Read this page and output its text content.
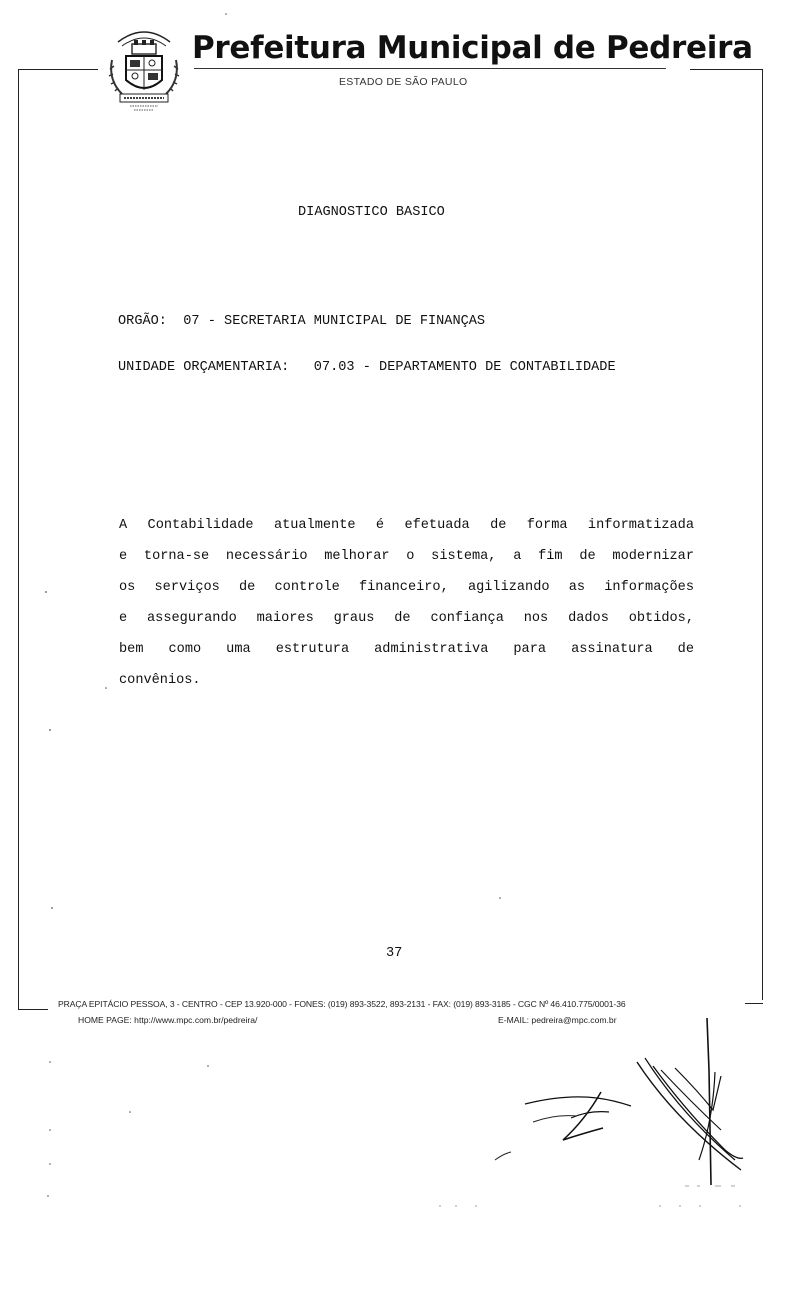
Prefeitura Municipal de Pedreira
ESTADO DE SÃO PAULO
DIAGNOSTICO BASICO
ORGÃO:  07 - SECRETARIA MUNICIPAL DE FINANÇAS
UNIDADE ORÇAMENTARIA:   07.03 - DEPARTAMENTO DE CONTABILIDADE
A Contabilidade atualmente é efetuada de forma informatizada
e torna-se necessário melhorar o sistema, a fim de modernizar
os serviços de controle financeiro, agilizando as informações
e assegurando maiores graus de confiança nos dados obtidos,
bem como uma estrutura administrativa para assinatura de
convênios.
37
PRAÇA EPITÁCIO PESSOA, 3 - CENTRO - CEP 13.920-000 - FONES: (019) 893-3522, 893-2131 - FAX: (019) 893-3185 - CGC Nº 46.410.775/0001-36
HOME PAGE: http://www.mpc.com.br/pedreira/	E-MAIL: pedreira@mpc.com.br
